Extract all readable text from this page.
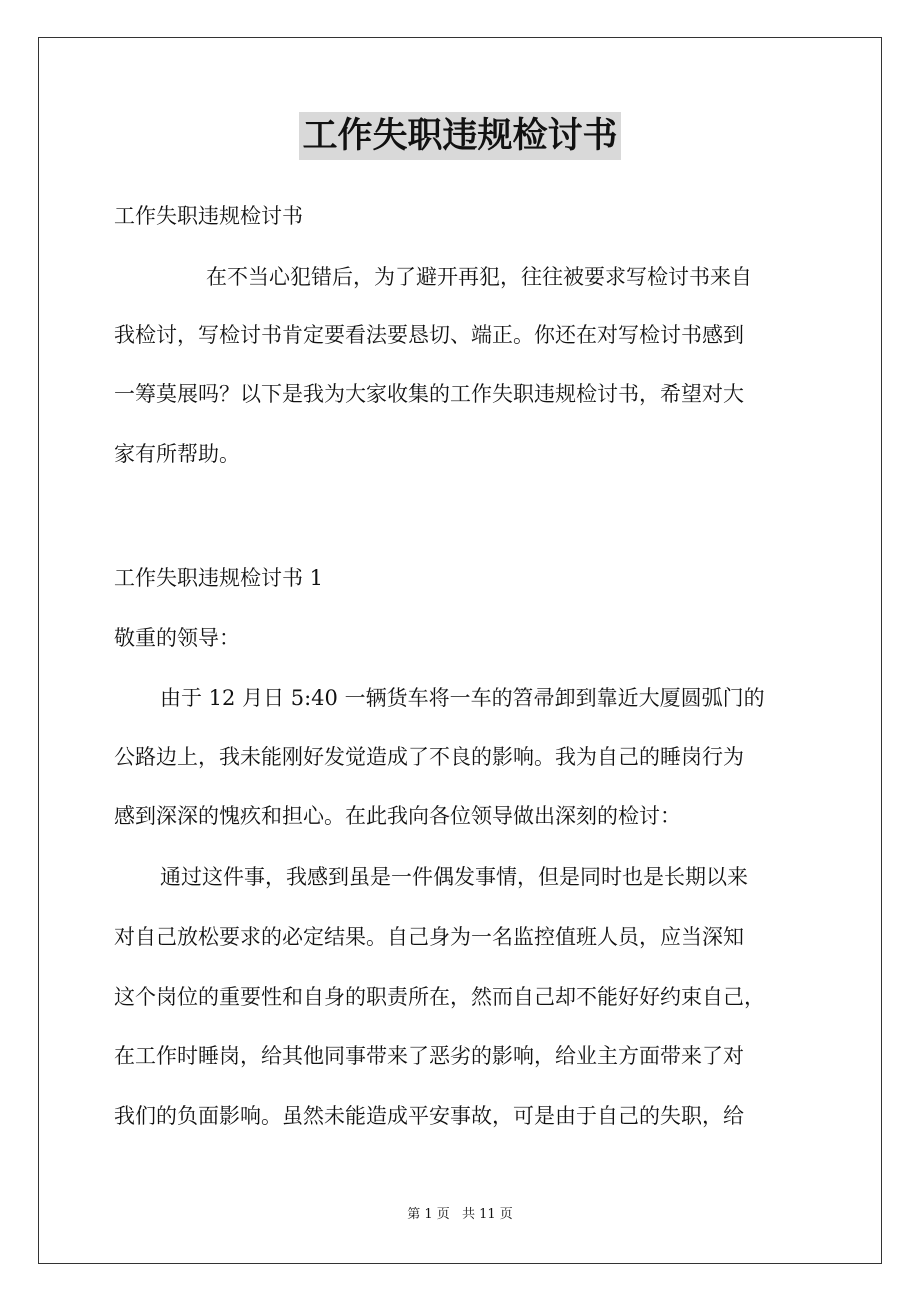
工作失职违规检讨书

工作失职违规检讨书

在不当心犯错后，为了避开再犯，往往被要求写检讨书来自

我检讨，写检讨书肯定要看法要恳切、端正。你还在对写检讨书感到

一筹莫展吗？以下是我为大家收集的工作失职违规检讨书，希望对大

家有所帮助。

工作失职违规检讨书 1

敬重的领导：

由于 12 月日 5:40 一辆货车将一车的笤帚卸到靠近大厦圆弧门的

公路边上，我未能刚好发觉造成了不良的影响。我为自己的睡岗行为

感到深深的愧疚和担心。在此我向各位领导做出深刻的检讨：

通过这件事，我感到虽是一件偶发事情，但是同时也是长期以来

对自己放松要求的必定结果。自己身为一名监控值班人员，应当深知

这个岗位的重要性和自身的职责所在，然而自己却不能好好约束自己，

在工作时睡岗，给其他同事带来了恶劣的影响，给业主方面带来了对

我们的负面影响。虽然未能造成平安事故，可是由于自己的失职，给

第 1 页 共 11 页
